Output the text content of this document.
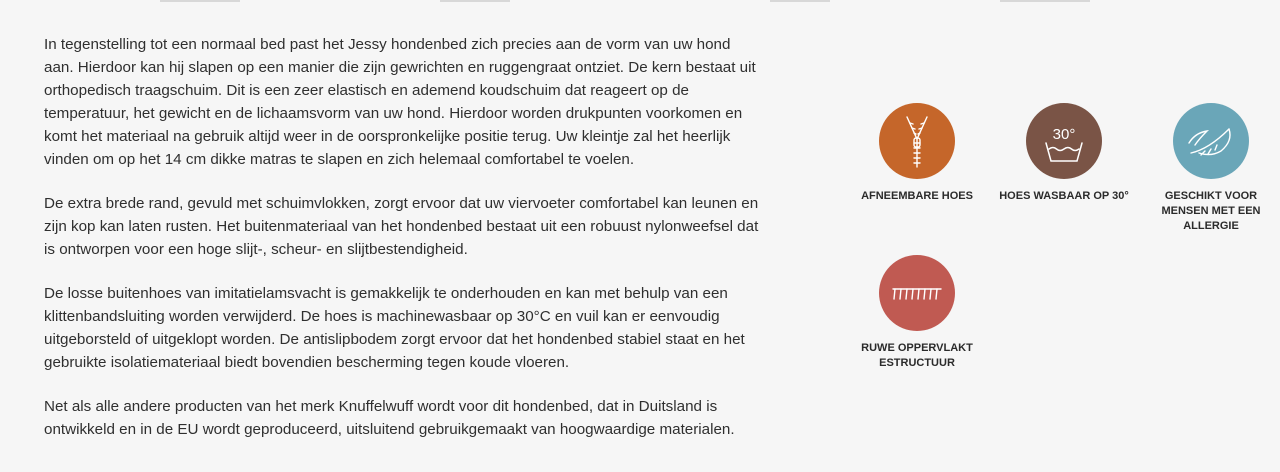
In tegenstelling tot een normaal bed past het Jessy hondenbed zich precies aan de vorm van uw hond aan. Hierdoor kan hij slapen op een manier die zijn gewrichten en ruggengraat ontziet. De kern bestaat uit orthopedisch traagschuim. Dit is een zeer elastisch en ademend koudschuim dat reageert op de temperatuur, het gewicht en de lichaamsvorm van uw hond. Hierdoor worden drukpunten voorkomen en komt het materiaal na gebruik altijd weer in de oorspronkelijke positie terug. Uw kleintje zal het heerlijk vinden om op het 14 cm dikke matras te slapen en zich helemaal comfortabel te voelen.

De extra brede rand, gevuld met schuimvlokken, zorgt ervoor dat uw viervoeter comfortabel kan leunen en zijn kop kan laten rusten. Het buitenmateriaal van het hondenbed bestaat uit een robuust nylonweefsel dat is ontworpen voor een hoge slijt-, scheur- en slijtbestendigheid.

De losse buitenhoes van imitatielamsvacht is gemakkelijk te onderhouden en kan met behulp van een klittenbandsluiting worden verwijderd. De hoes is machinewasbaar op 30°C en vuil kan er eenvoudig uitgeborsteld of uitgeklopt worden. De antislipbodem zorgt ervoor dat het hondenbed stabiel staat en het gebruikte isolatiemateriaal biedt bovendien bescherming tegen koude vloeren.

Net als alle andere producten van het merk Knuffelwuff wordt voor dit hondenbed, dat in Duitsland is ontwikkeld en in de EU wordt geproduceerd, uitsluitend gebruikgemaakt van hoogwaardige materialen.

AFNEEMBARE HOES
30°
HOES WASBAAR OP 30°	GESCHIKT VOOR MENSEN MET EEN ALLERGIE
RUWE OPPERVLAKTESTRUCTUUR
